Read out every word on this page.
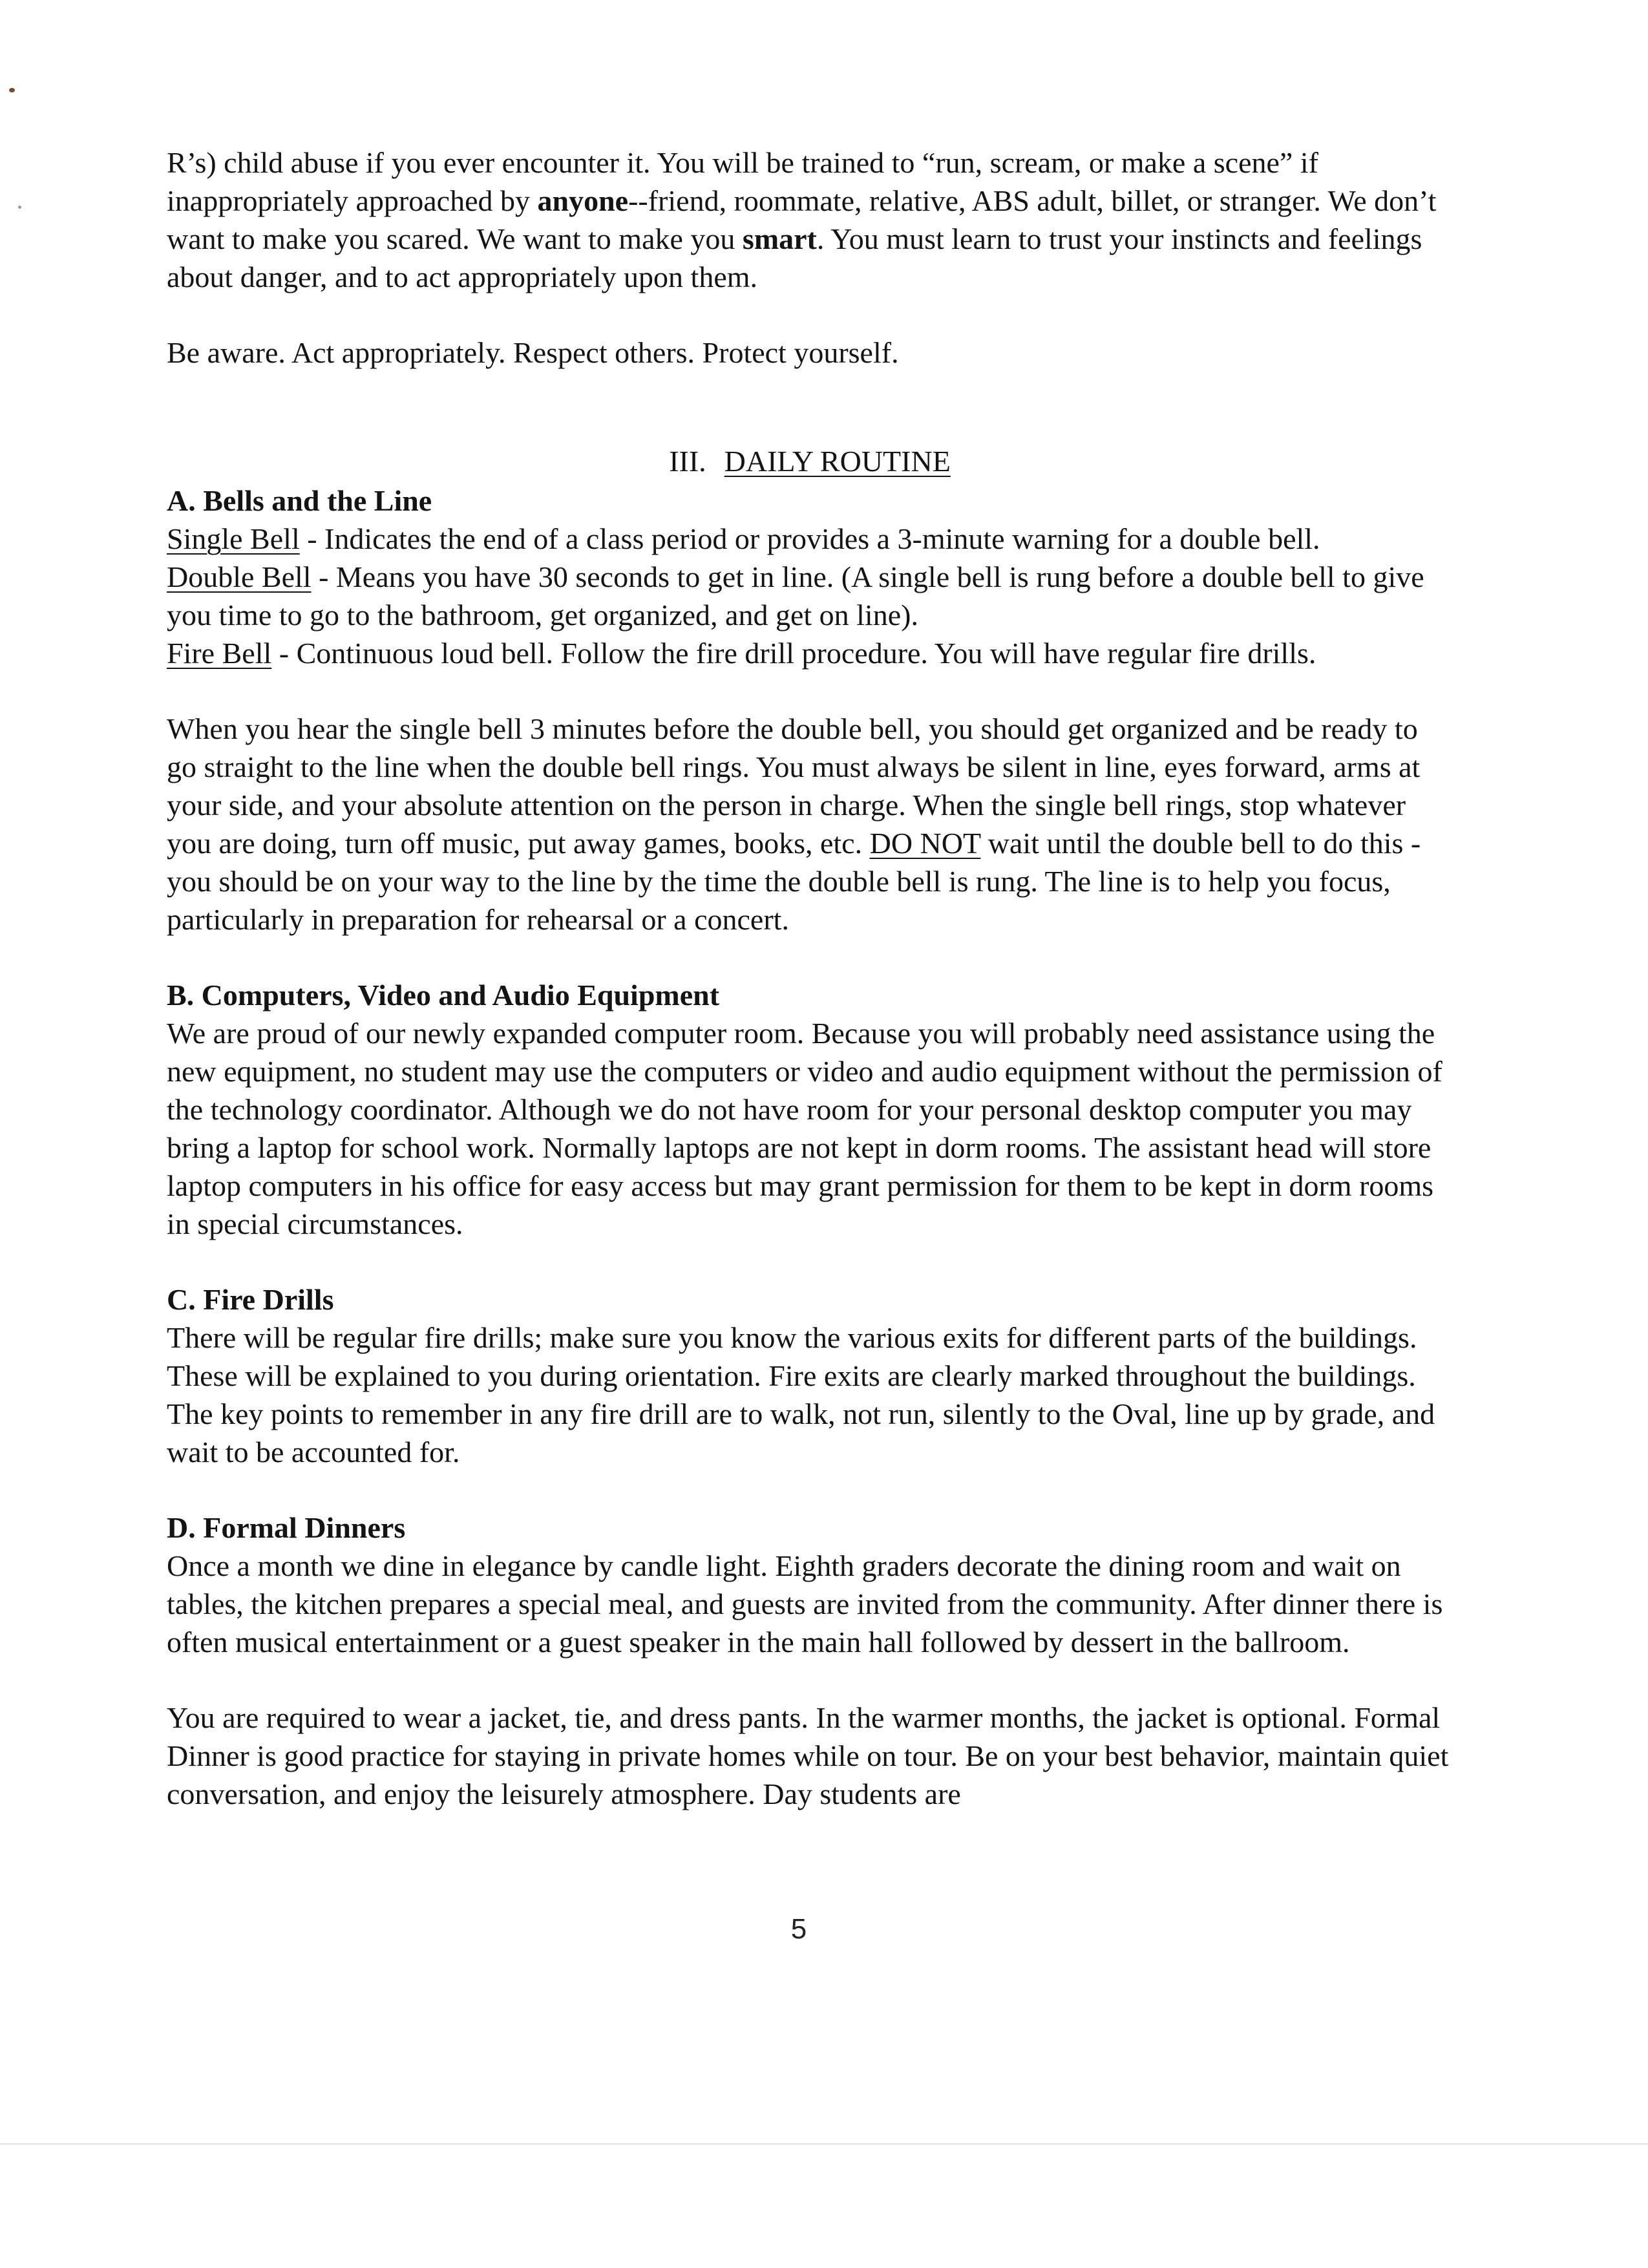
R’s) child abuse if you ever encounter it. You will be trained to “run, scream, or make a scene” if inappropriately approached by anyone--friend, roommate, relative, ABS adult, billet, or stranger. We don’t want to make you scared. We want to make you smart. You must learn to trust your instincts and feelings about danger, and to act appropriately upon them.

Be aware. Act appropriately. Respect others. Protect yourself.

III. DAILY ROUTINE

A. Bells and the Line

Single Bell - Indicates the end of a class period or provides a 3-minute warning for a double bell.

Double Bell - Means you have 30 seconds to get in line. (A single bell is rung before a double bell to give you time to go to the bathroom, get organized, and get on line).

Fire Bell - Continuous loud bell. Follow the fire drill procedure. You will have regular fire drills.

When you hear the single bell 3 minutes before the double bell, you should get organized and be ready to go straight to the line when the double bell rings. You must always be silent in line, eyes forward, arms at your side, and your absolute attention on the person in charge. When the single bell rings, stop whatever you are doing, turn off music, put away games, books, etc. DO NOT wait until the double bell to do this - you should be on your way to the line by the time the double bell is rung. The line is to help you focus, particularly in preparation for rehearsal or a concert.

B. Computers, Video and Audio Equipment

We are proud of our newly expanded computer room. Because you will probably need assistance using the new equipment, no student may use the computers or video and audio equipment without the permission of the technology coordinator. Although we do not have room for your personal desktop computer you may bring a laptop for school work. Normally laptops are not kept in dorm rooms. The assistant head will store laptop computers in his office for easy access but may grant permission for them to be kept in dorm rooms in special circumstances.

C. Fire Drills

There will be regular fire drills; make sure you know the various exits for different parts of the buildings. These will be explained to you during orientation. Fire exits are clearly marked throughout the buildings. The key points to remember in any fire drill are to walk, not run, silently to the Oval, line up by grade, and wait to be accounted for.

D. Formal Dinners

Once a month we dine in elegance by candle light. Eighth graders decorate the dining room and wait on tables, the kitchen prepares a special meal, and guests are invited from the community. After dinner there is often musical entertainment or a guest speaker in the main hall followed by dessert in the ballroom.

You are required to wear a jacket, tie, and dress pants. In the warmer months, the jacket is optional. Formal Dinner is good practice for staying in private homes while on tour. Be on your best behavior, maintain quiet conversation, and enjoy the leisurely atmosphere. Day students are

5
